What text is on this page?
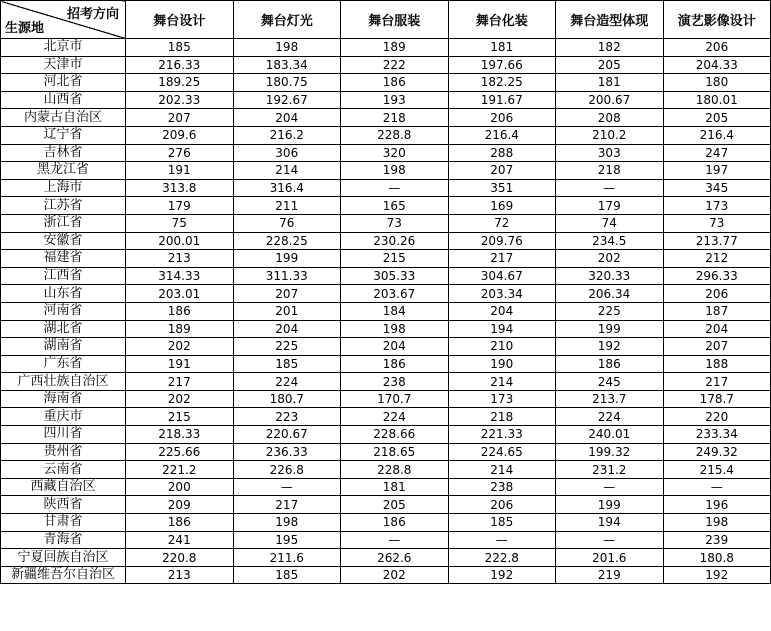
招考方向
生源地	舞台设计	舞台灯光	舞台服装	舞台化装	舞台造型体现	演艺影像设计
北京市	185	198	189	181	182	206
天津市	216.33	183.34	222	197.66	205	204.33
河北省	189.25	180.75	186	182.25	181	180
山西省	202.33	192.67	193	191.67	200.67	180.01
内蒙古自治区	207	204	218	206	208	205
辽宁省	209.6	216.2	228.8	216.4	210.2	216.4
吉林省	276	306	320	288	303	247
黑龙江省	191	214	198	207	218	197
上海市	313.8	316.4	—	351	—	345
江苏省	179	211	165	169	179	173
浙江省	75	76	73	72	74	73
安徽省	200.01	228.25	230.26	209.76	234.5	213.77
福建省	213	199	215	217	202	212
江西省	314.33	311.33	305.33	304.67	320.33	296.33
山东省	203.01	207	203.67	203.34	206.34	206
河南省	186	201	184	204	225	187
湖北省	189	204	198	194	199	204
湖南省	202	225	204	210	192	207
广东省	191	185	186	190	186	188
广西壮族自治区	217	224	238	214	245	217
海南省	202	180.7	170.7	173	213.7	178.7
重庆市	215	223	224	218	224	220
四川省	218.33	220.67	228.66	221.33	240.01	233.34
贵州省	225.66	236.33	218.65	224.65	199.32	249.32
云南省	221.2	226.8	228.8	214	231.2	215.4
西藏自治区	200	—	181	238	—	—
陕西省	209	217	205	206	199	196
甘肃省	186	198	186	185	194	198
青海省	241	195	—	—	—	239
宁夏回族自治区	220.8	211.6	262.6	222.8	201.6	180.8
新疆维吾尔自治区	213	185	202	192	219	192
